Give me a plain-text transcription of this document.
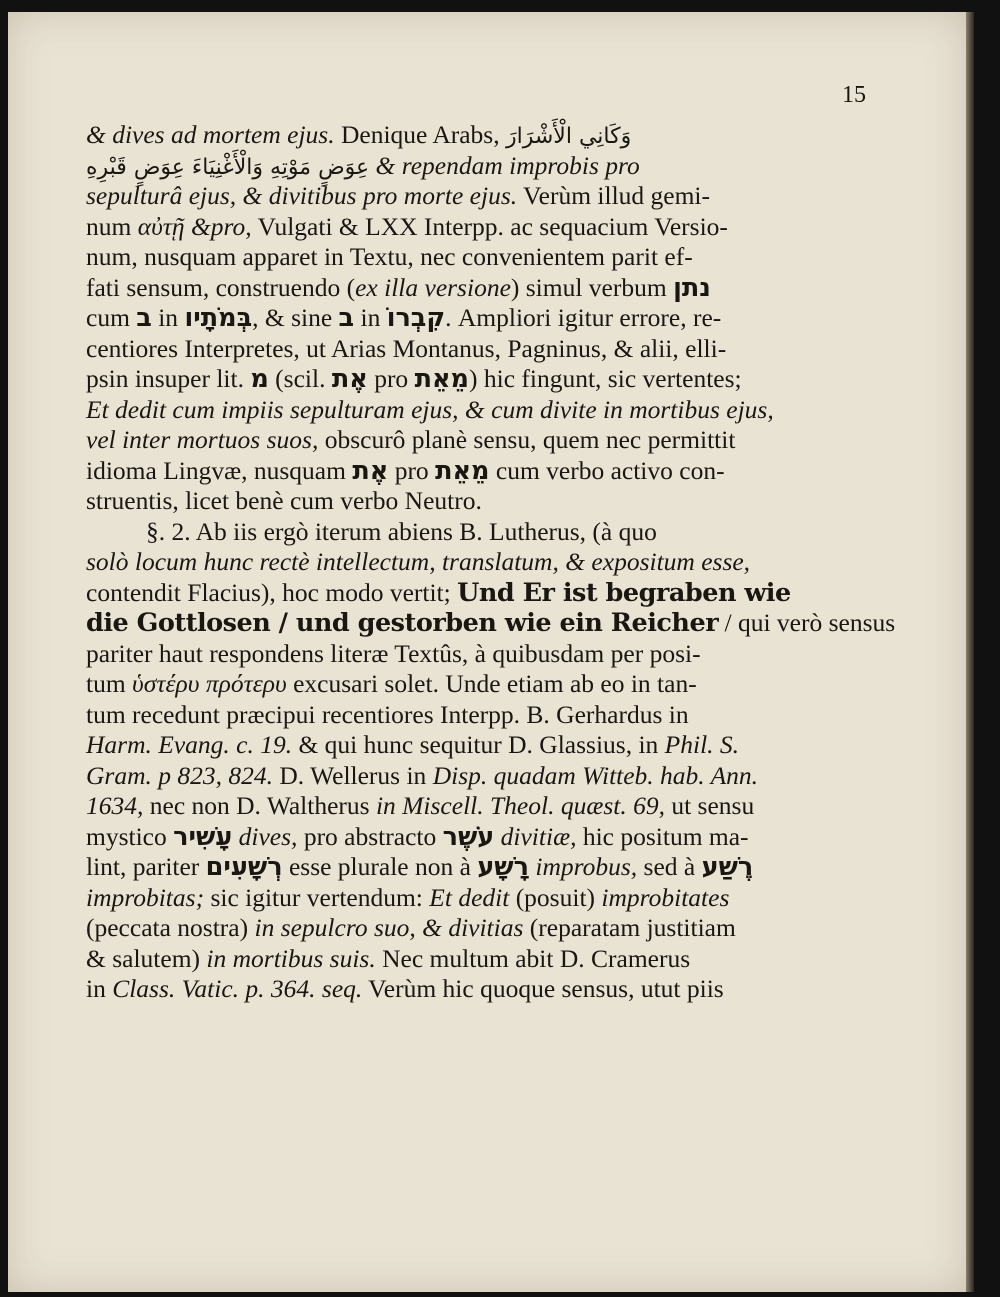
15
& dives ad mortem ejus. Denique Arabs, وَكَانِي الْأَشْرَارَ
عِوَضٍ مَوْتِهِ وَالْأَغْنِيَاءَ عِوَضٍ قَبْرِهِ & rependam improbis pro
sepulturâ ejus, & divitibus pro morte ejus. Verùm illud gemi-
num αὐτῇ &pro, Vulgati & LXX Interpp. ac sequacium Versio-
num, nusquam apparet in Textu, nec convenientem parit ef-
fati sensum, construendo (ex illa versione) simul verbum נתן
cum ב in בְּמֹתָיו, & sine ב in קִבְרוֹ. Ampliori igitur errore, re-
centiores Interpretes, ut Arias Montanus, Pagninus, & alii, elli-
psin insuper lit. מ (scil. אֶת pro מֵאֵת) hic fingunt, sic vertentes;
Et dedit cum impiis sepulturam ejus, & cum divite in mortibus ejus,
vel inter mortuos suos, obscurô planè sensu, quem nec permittit
idioma Lingvæ, nusquam אֶת pro מֵאֵת cum verbo activo con-
struentis, licet benè cum verbo Neutro.
§. 2. Ab iis ergò iterum abiens B. Lutherus, (à quo
solò locum hunc rectè intellectum, translatum, & expositum esse,
contendit Flacius), hoc modo vertit; Und Er ist begraben wie
die Gottlosen / und gestorben wie ein Reicher / qui verò sensus
pariter haut respondens literæ Textûs, à quibusdam per posi-
tum ὑστέρυ πρότερυ excusari solet. Unde etiam ab eo in tan-
tum recedunt præcipui recentiores Interpp. B. Gerhardus in
Harm. Evang. c. 19. & qui hunc sequitur D. Glassius, in Phil. S.
Gram. p 823, 824. D. Wellerus in Disp. quadam Witteb. hab. Ann.
1634, nec non D. Waltherus in Miscell. Theol. quæst. 69, ut sensu
mystico עָשִׁיר dives, pro abstracto עֹשֶׁר divitiæ, hic positum ma-
lint, pariter רְשָׁעִים esse plurale non à רָשָׁע improbus, sed à רֶשַׁע
improbitas; sic igitur vertendum: Et dedit (posuit) improbitates
(peccata nostra) in sepulcro suo, & divitias (reparatam justitiam
& salutem) in mortibus suis. Nec multum abit D. Cramerus
in Class. Vatic. p. 364. seq. Verùm hic quoque sensus, utut piis
